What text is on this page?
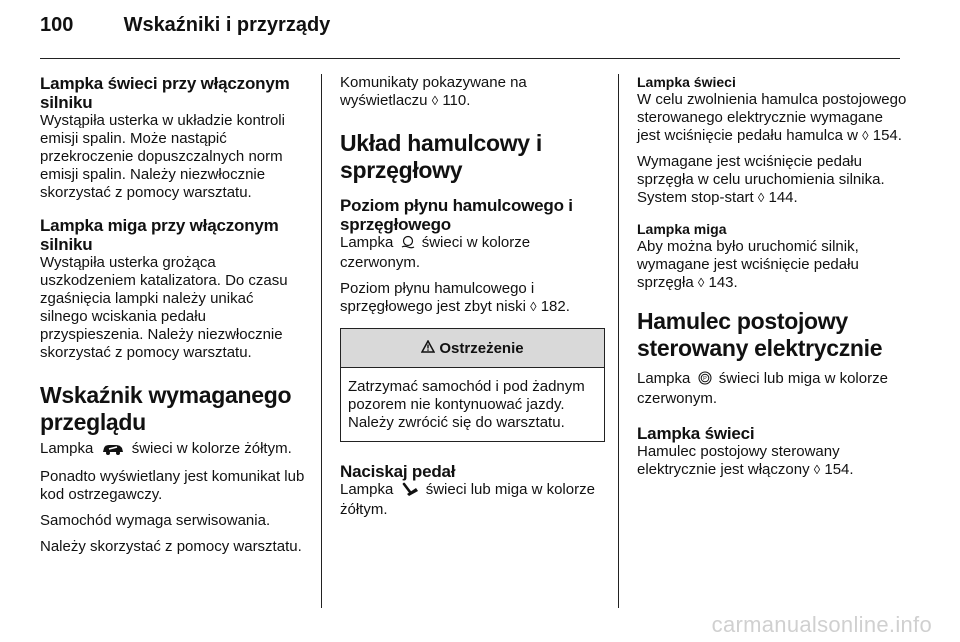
100	Wskaźniki i przyrządy
Lampka świeci przy włączonym silniku

Wystąpiła usterka w układzie kontroli emisji spalin. Może nastąpić przekroczenie dopuszczalnych norm emisji spalin. Należy niezwłocznie skorzystać z pomocy warsztatu.

Lampka miga przy włączonym silniku

Wystąpiła usterka grożąca uszkodzeniem katalizatora. Do czasu zgaśnięcia lampki należy unikać silnego wciskania pedału przyspieszenia. Należy niezwłocznie skorzystać z pomocy warsztatu.

Wskaźnik wymaganego przeglądu

Lampka	świeci w kolorze żółtym.

Ponadto wyświetlany jest komunikat lub kod ostrzegawczy.

Samochód wymaga serwisowania.

Należy skorzystać z pomocy warsztatu.

Komunikaty pokazywane na wyświetlaczu ◊ 110.

Układ hamulcowy i sprzęgłowy
Poziom płynu hamulcowego i sprzęgłowego

Lampka świeci w kolorze czerwonym.

Poziom płynu hamulcowego i sprzęgłowego jest zbyt niski ◊ 182.

Ostrzeżenie

Zatrzymać samochód i pod żadnym pozorem nie kontynuować jazdy. Należy zwrócić się do warsztatu.

Naciskaj pedał

Lampka świeci lub miga w kolorze żółtym.

Lampka świeci

W celu zwolnienia hamulca postojowego sterowanego elektrycznie wymagane jest wciśnięcie pedału hamulca w ◊ 154.

Wymagane jest wciśnięcie pedału sprzęgła w celu uruchomienia silnika. System stop-start ◊ 144.

Lampka miga

Aby można było uruchomić silnik, wymagane jest wciśnięcie pedału sprzęgła ◊ 143.

Hamulec postojowy sterowany elektrycznie

Lampka P świeci lub miga w kolorze czerwonym.

Lampka świeci

Hamulec postojowy sterowany elektrycznie jest włączony ◊ 154.

carmanualsonline.info
